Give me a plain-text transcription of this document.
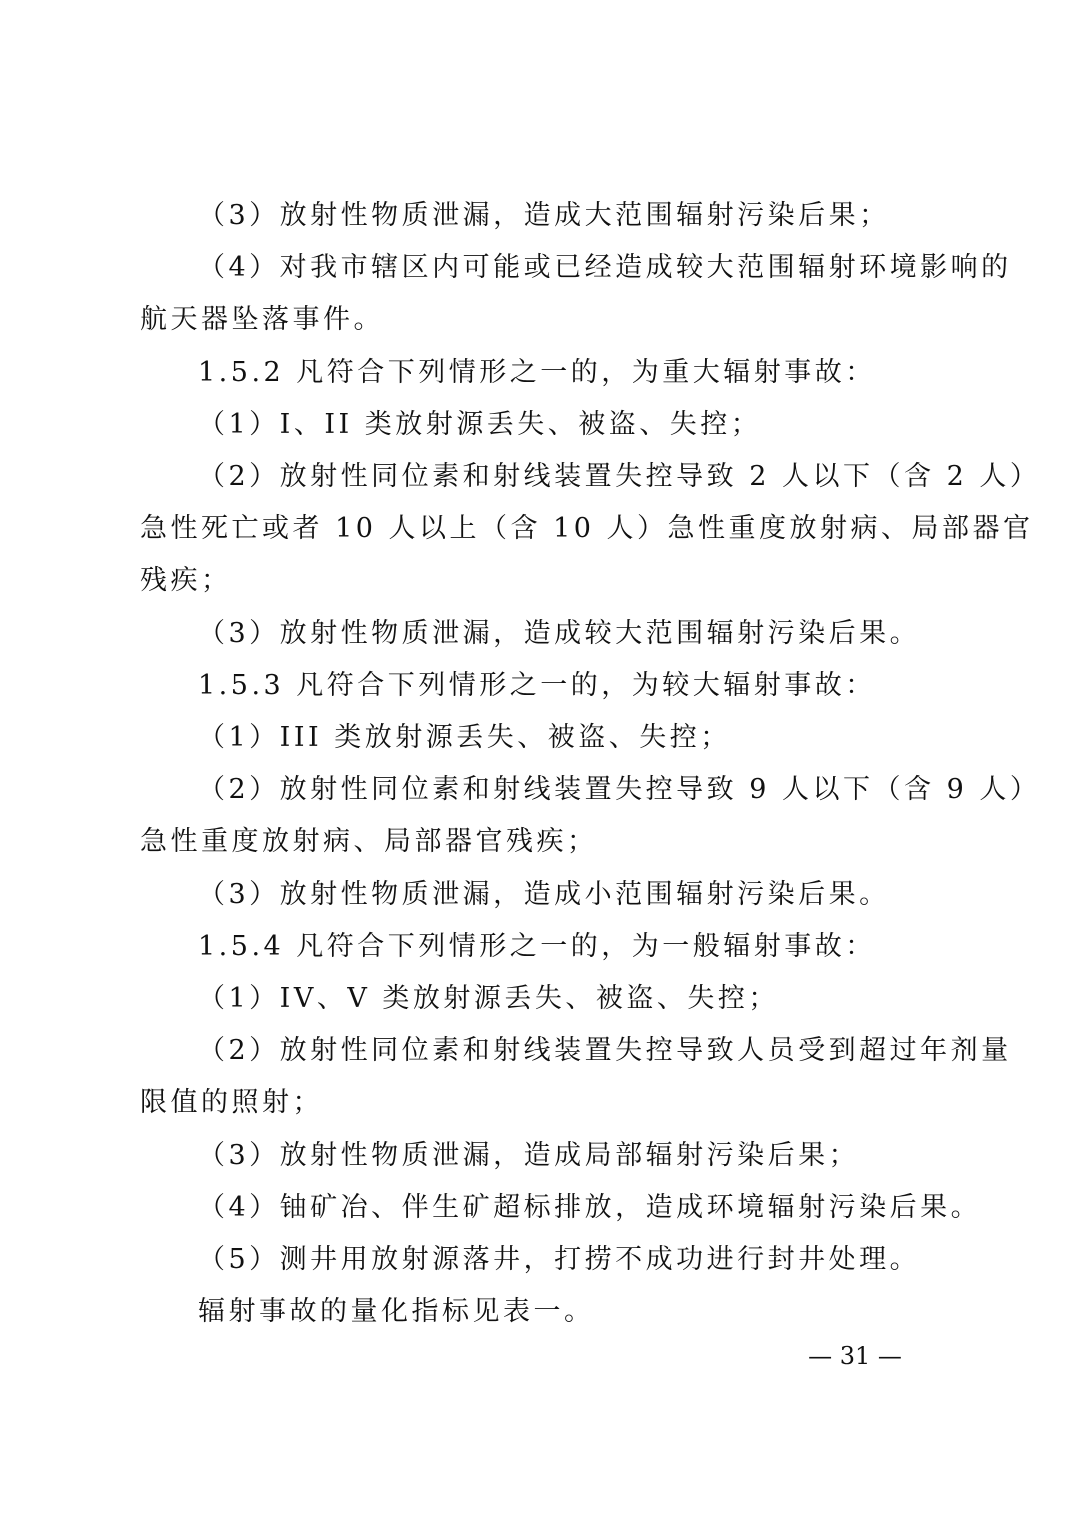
（3）放射性物质泄漏，造成大范围辐射污染后果；
（4）对我市辖区内可能或已经造成较大范围辐射环境影响的
航天器坠落事件。
1.5.2 凡符合下列情形之一的，为重大辐射事故：
（1）I、II 类放射源丢失、被盗、失控；
（2）放射性同位素和射线装置失控导致 2 人以下（含 2 人）
急性死亡或者 10 人以上（含 10 人）急性重度放射病、局部器官
残疾；
（3）放射性物质泄漏，造成较大范围辐射污染后果。
1.5.3 凡符合下列情形之一的，为较大辐射事故：
（1）III 类放射源丢失、被盗、失控；
（2）放射性同位素和射线装置失控导致 9 人以下（含 9 人）
急性重度放射病、局部器官残疾；
（3）放射性物质泄漏，造成小范围辐射污染后果。
1.5.4 凡符合下列情形之一的，为一般辐射事故：
（1）IV、V 类放射源丢失、被盗、失控；
（2）放射性同位素和射线装置失控导致人员受到超过年剂量
限值的照射；
（3）放射性物质泄漏，造成局部辐射污染后果；
（4）铀矿冶、伴生矿超标排放，造成环境辐射污染后果。
（5）测井用放射源落井，打捞不成功进行封井处理。
辐射事故的量化指标见表一。
— 31 —
